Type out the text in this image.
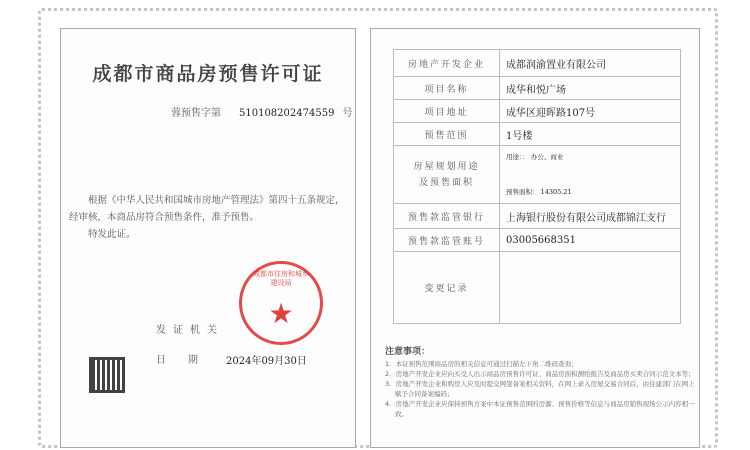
成都市商品房预售许可证
蓉预售字第 510108202474559 号

根据《中华人民共和国城市房地产管理法》第四十五条规定，经审核，本商品房符合预售条件，准予预售。

特发此证。

发证机关
成都市住房和城乡建设局
★
日期 2024年09月30日
房地产开发企业	成都润渝置业有限公司
项目名称	成华和悦广场
项目地址	成华区迎晖路107号
预售范围	1号楼
房屋规划用途及预售面积	用途：： 办公、商业
预售面积： 14305.21

预售款监管银行	上海银行股份有限公司成都锦江支行
预售款监管账号	03005668351
变更记录	
注意事项：
1．本证预售范围商品房的相关信息可通过扫描左下角二维码查询；
2．房地产开发企业应向买受人出示商品房预售许可证、商品房面积测绘报告及商品房买卖合同示范文本等；
3．房地产开发企业和购房人应及时提交网签备案相关资料，在网上录入房屋交易合同后，由住建部门在网上赋予合同备案编码；
4．房地产开发企业应保持预售方案中本证预售范围的房源、预售价格等信息与商品房销售现场公示内容相一致。
